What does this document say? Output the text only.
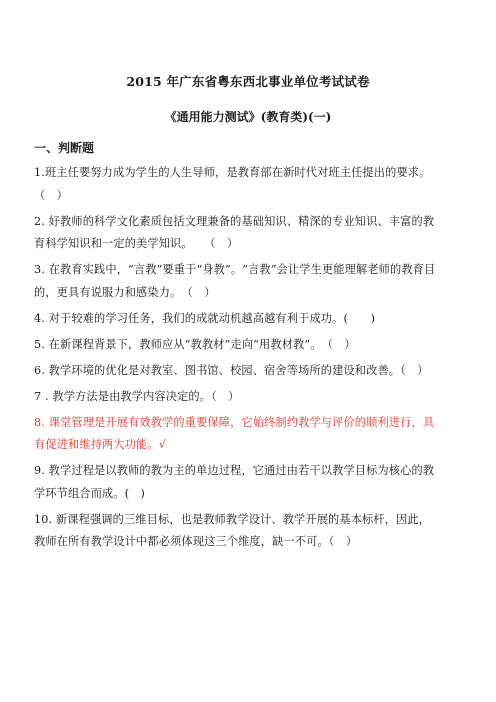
2015 年广东省粤东西北事业单位考试试卷
《通用能力测试》(教育类)(一)
一、判断题
1.班主任要努力成为学生的人生导师，是教育部在新时代对班主任提出的要求。（　）
2. 好教师的科学文化素质包括文理兼备的基础知识、精深的专业知识、丰富的教育科学知识和一定的美学知识。　　（　）
3. 在教育实践中，“言教”要重于“身教”。“言教”会让学生更能理解老师的教育目的，更具有说服力和感染力。　（　）
4. 对于较难的学习任务，我们的成就动机越高越有利于成功。(　　)
5. 在新课程背景下，教师应从“教教材”走向“用教材教”。　（　）
6. 教学环境的优化是对教室、图书馆、校园、宿舍等场所的建设和改善。（　）
7 . 教学方法是由教学内容决定的。（　）
8. 课堂管理是开展有效教学的重要保障，它始终制约教学与评价的顺利进行，具有促进和维持两大功能。√
9. 教学过程是以教师的教为主的单边过程，它通过由若干以教学目标为核心的教学环节组合而成。(　)
10. 新课程强调的三维目标，也是教师教学设计、教学开展的基本标杆，因此，教师在所有教学设计中都必须体现这三个维度，缺一不可。（　）
